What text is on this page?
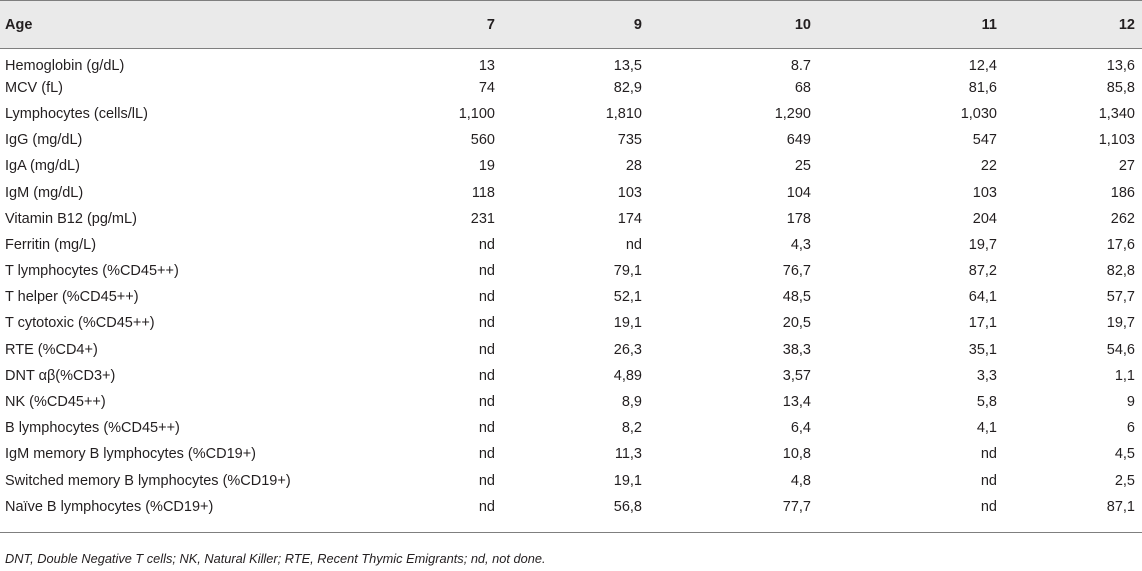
Age	7	9	10	11	12
Hemoglobin (g/dL)	13	13,5	8.7	12,4	13,6
MCV (fL)	74	82,9	68	81,6	85,8
Lymphocytes (cells/lL)	1,100	1,810	1,290	1,030	1,340
IgG (mg/dL)	560	735	649	547	1,103
IgA (mg/dL)	19	28	25	22	27
IgM (mg/dL)	118	103	104	103	186
Vitamin B12 (pg/mL)	231	174	178	204	262
Ferritin (mg/L)	nd	nd	4,3	19,7	17,6
T lymphocytes (%CD45++)	nd	79,1	76,7	87,2	82,8
T helper (%CD45++)	nd	52,1	48,5	64,1	57,7
T cytotoxic (%CD45++)	nd	19,1	20,5	17,1	19,7
RTE (%CD4+)	nd	26,3	38,3	35,1	54,6
DNT αβ(%CD3+)	nd	4,89	3,57	3,3	1,1
NK (%CD45++)	nd	8,9	13,4	5,8	9
B lymphocytes (%CD45++)	nd	8,2	6,4	4,1	6
IgM memory B lymphocytes (%CD19+)	nd	11,3	10,8	nd	4,5
Switched memory B lymphocytes (%CD19+)	nd	19,1	4,8	nd	2,5
Naïve B lymphocytes (%CD19+)	nd	56,8	77,7	nd	87,1
DNT, Double Negative T cells; NK, Natural Killer; RTE, Recent Thymic Emigrants; nd, not done.
